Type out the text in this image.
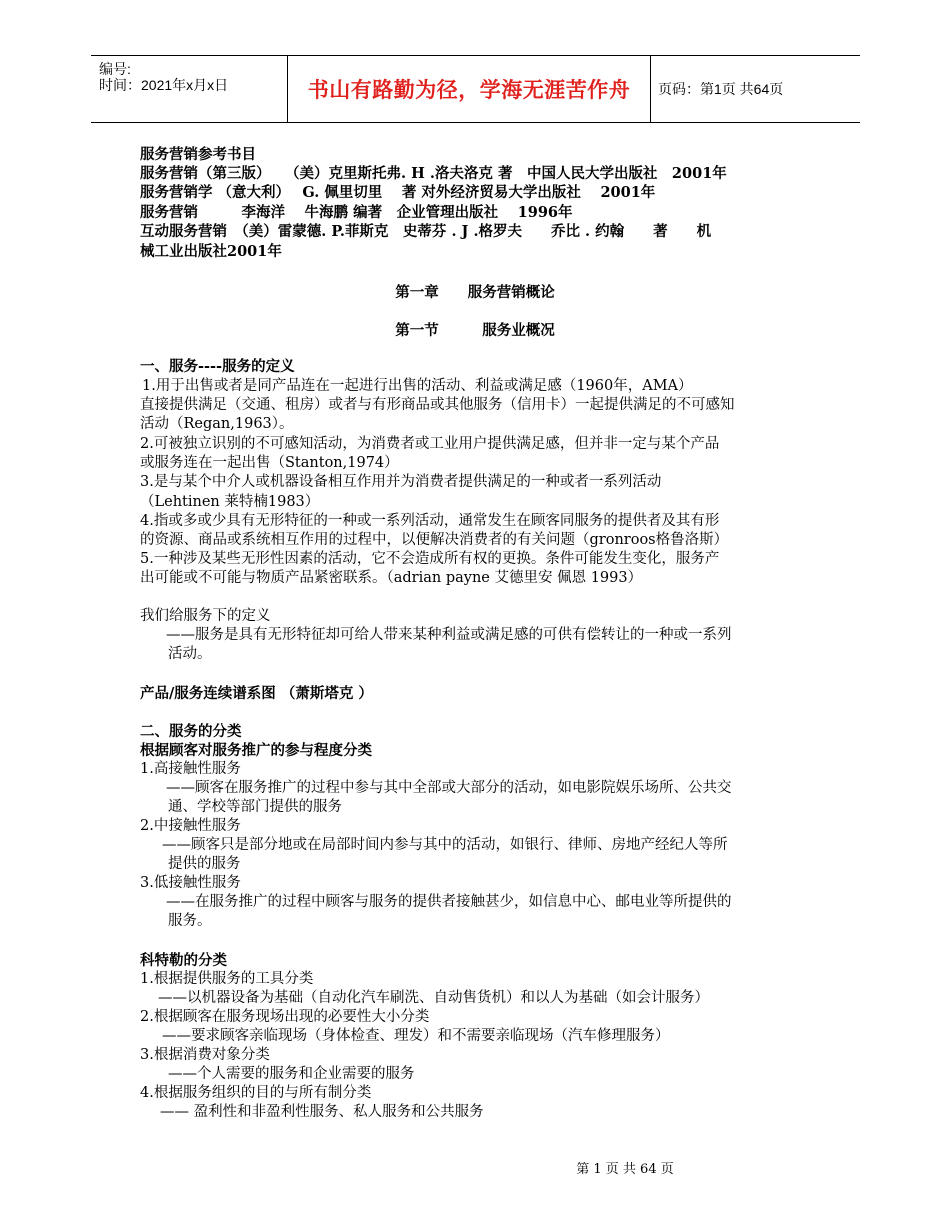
编号:
时间：2021年x月x日	书山有路勤为径，学海无涯苦作舟 页码：第1页 共64页
服务营销参考书目
服务营销（第三版）　　（美）克里斯托弗. H .洛夫洛克 著　中国人民大学出版社　2001年
服务营销学 （意大利）　 G. 佩里切里　 著 对外经济贸易大学出版社　 2001年
服务营销　　　李海洋　 牛海鹏 编著　企业管理出版社　 1996年
互动服务营销　（美）雷蒙德. P.菲斯克　史蒂芬 . J .格罗夫　　乔比 . 约翰　　著　　机
械工业出版社2001年
第一章　　服务营销概论
第一节　　　服务业概况
一、服务----服务的定义
1.用于出售或者是同产品连在一起进行出售的活动、利益或满足感（1960年，AMA）
直接提供满足（交通、租房）或者与有形商品或其他服务（信用卡）一起提供满足的不可感知
活动（Regan,1963）。
2.可被独立识别的不可感知活动，为消费者或工业用户提供满足感，但并非一定与某个产品
或服务连在一起出售（Stanton,1974）
3.是与某个中介人或机器设备相互作用并为消费者提供满足的一种或者一系列活动
（Lehtinen 莱特楠1983）
4.指或多或少具有无形特征的一种或一系列活动，通常发生在顾客同服务的提供者及其有形
的资源、商品或系统相互作用的过程中，以便解决消费者的有关问题（gronroos格鲁洛斯）
5.一种涉及某些无形性因素的活动，它不会造成所有权的更换。条件可能发生变化，服务产
出可能或不可能与物质产品紧密联系。（adrian payne 艾德里安 佩恩 1993）
我们给服务下的定义
——服务是具有无形特征却可给人带来某种利益或满足感的可供有偿转让的一种或一系列
活动。
产品/服务连续谱系图 （萧斯塔克 ）
二、服务的分类
根据顾客对服务推广的参与程度分类
1.高接触性服务
——顾客在服务推广的过程中参与其中全部或大部分的活动，如电影院娱乐场所、公共交
通、学校等部门提供的服务
2.中接触性服务
——顾客只是部分地或在局部时间内参与其中的活动，如银行、律师、房地产经纪人等所
提供的服务
3.低接触性服务
——在服务推广的过程中顾客与服务的提供者接触甚少，如信息中心、邮电业等所提供的
服务。
科特勒的分类
1.根据提供服务的工具分类
——以机器设备为基础（自动化汽车刷洗、自动售货机）和以人为基础（如会计服务）
2.根据顾客在服务现场出现的必要性大小分类
——要求顾客亲临现场（身体检查、理发）和不需要亲临现场（汽车修理服务）
3.根据消费对象分类
——个人需要的服务和企业需要的服务
4.根据服务组织的目的与所有制分类
—— 盈利性和非盈利性服务、私人服务和公共服务
第 1 页 共 64 页
